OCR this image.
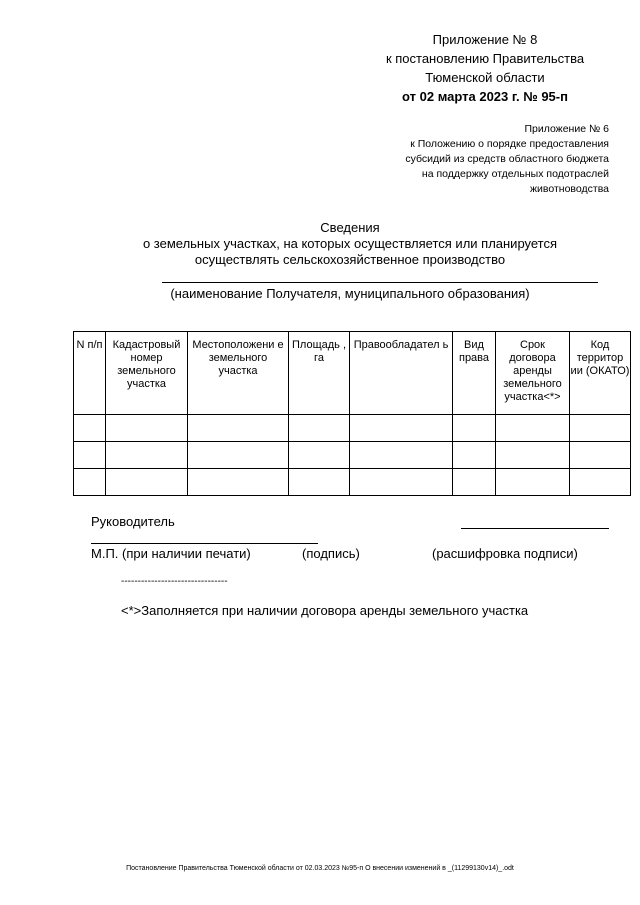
Приложение № 8
к постановлению Правительства
Тюменской области
от 02 марта 2023 г. № 95-п
Приложение № 6
к Положению о порядке предоставления
субсидий из средств областного бюджета
на поддержку отдельных подотраслей
животноводства
Сведения
о земельных участках, на которых осуществляется или планируется
осуществлять сельскохозяйственное производство
(наименование Получателя, муниципального образования)
N п/п	Кадастровый номер земельного участка	Местоположени е земельного участка	Площадь , га	Правообладател ь	Вид права	Срок договора аренды земельного участка<*>	Код территор ии (ОКАТО)

Руководитель
М.П. (при наличии печати)	(подпись)	(расшифровка подписи)
--------------------------------
<*>Заполняется при наличии договора аренды земельного участка
Постановление Правительства Тюменской области от 02.03.2023 №95-п О внесении изменений в _(11299130v14)_.odt
